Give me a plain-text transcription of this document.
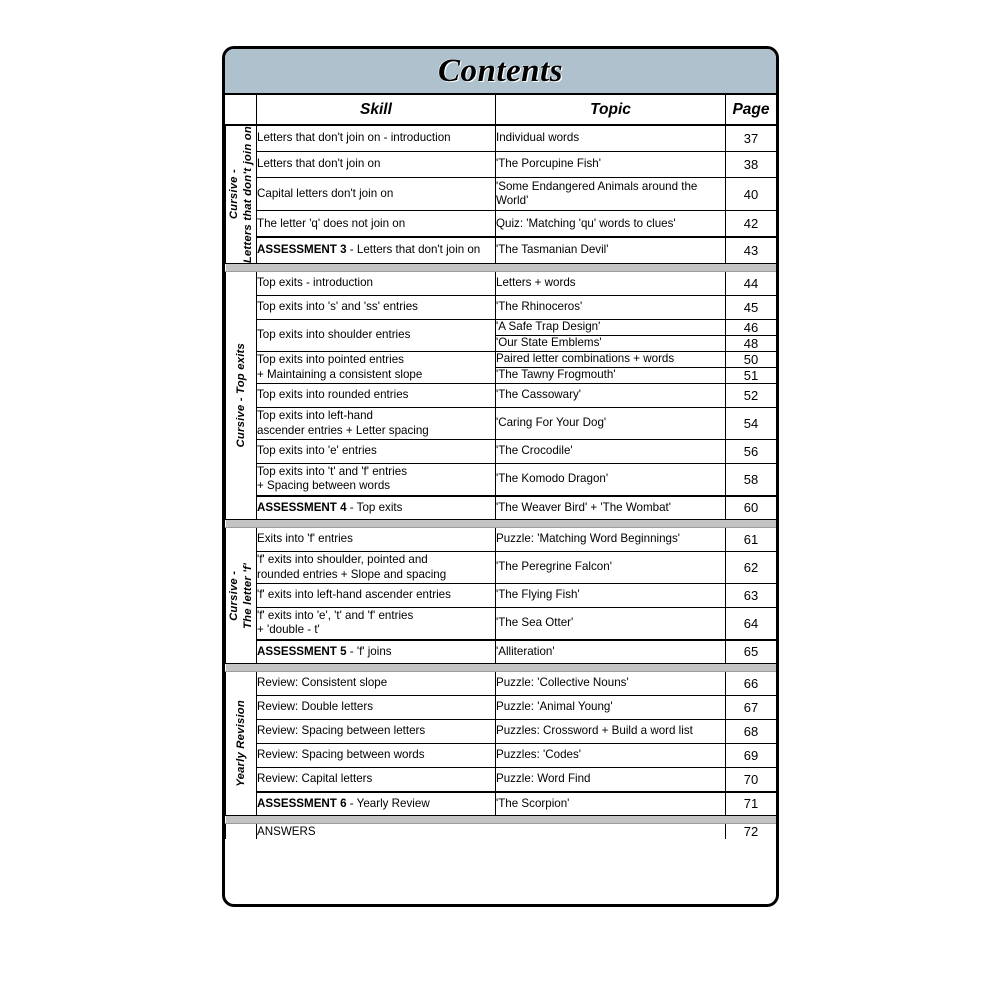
Contents
	Skill	Topic	Page

Cursive - Letters that don't join on	Letters that don't join on - introduction	Individual words	37
	Letters that don't join on	'The Porcupine Fish'	38
	Capital letters don't join on	'Some Endangered Animals around the World'	40
	The letter 'q' does not join on	Quiz: 'Matching 'qu' words to clues'	42
	ASSESSMENT 3 - Letters that don't join on	'The Tasmanian Devil'	43

Cursive - Top exits	Top exits - introduction	Letters + words	44
	Top exits into 's' and 'ss' entries	'The Rhinoceros'	45
	Top exits into shoulder entries	'A Safe Trap Design'	46
		'Our State Emblems'	48
	Top exits into pointed entries
+ Maintaining a consistent slope	Paired letter combinations + words	50
		'The Tawny Frogmouth'	51
	Top exits into rounded entries	'The Cassowary'	52
	Top exits into left-hand
ascender entries + Letter spacing	'Caring For Your Dog'	54
	Top exits into 'e' entries	'The Crocodile'	56
	Top exits into 't' and 'f' entries
+ Spacing between words	'The Komodo Dragon'	58
	ASSESSMENT 4 - Top exits	'The Weaver Bird' + 'The Wombat'	60

Cursive - The letter 'f'	Exits into 'f' entries	Puzzle: 'Matching Word Beginnings'	61
	'f' exits into shoulder, pointed and
rounded entries + Slope and spacing	'The Peregrine Falcon'	62
	'f' exits into left-hand ascender entries	'The Flying Fish'	63
	'f' exits into 'e', 't' and 'f' entries
+ 'double - t'	'The Sea Otter'	64
	ASSESSMENT 5 - 'f' joins	'Alliteration'	65

Yearly Revision	Review: Consistent slope	Puzzle: 'Collective Nouns'	66
	Review: Double letters	Puzzle: 'Animal Young'	67
	Review: Spacing between letters	Puzzles: Crossword + Build a word list	68
	Review: Spacing between words	Puzzles: 'Codes'	69
	Review: Capital letters	Puzzle: Word Find	70
	ASSESSMENT 6 - Yearly Review	'The Scorpion'	71

	ANSWERS		72
